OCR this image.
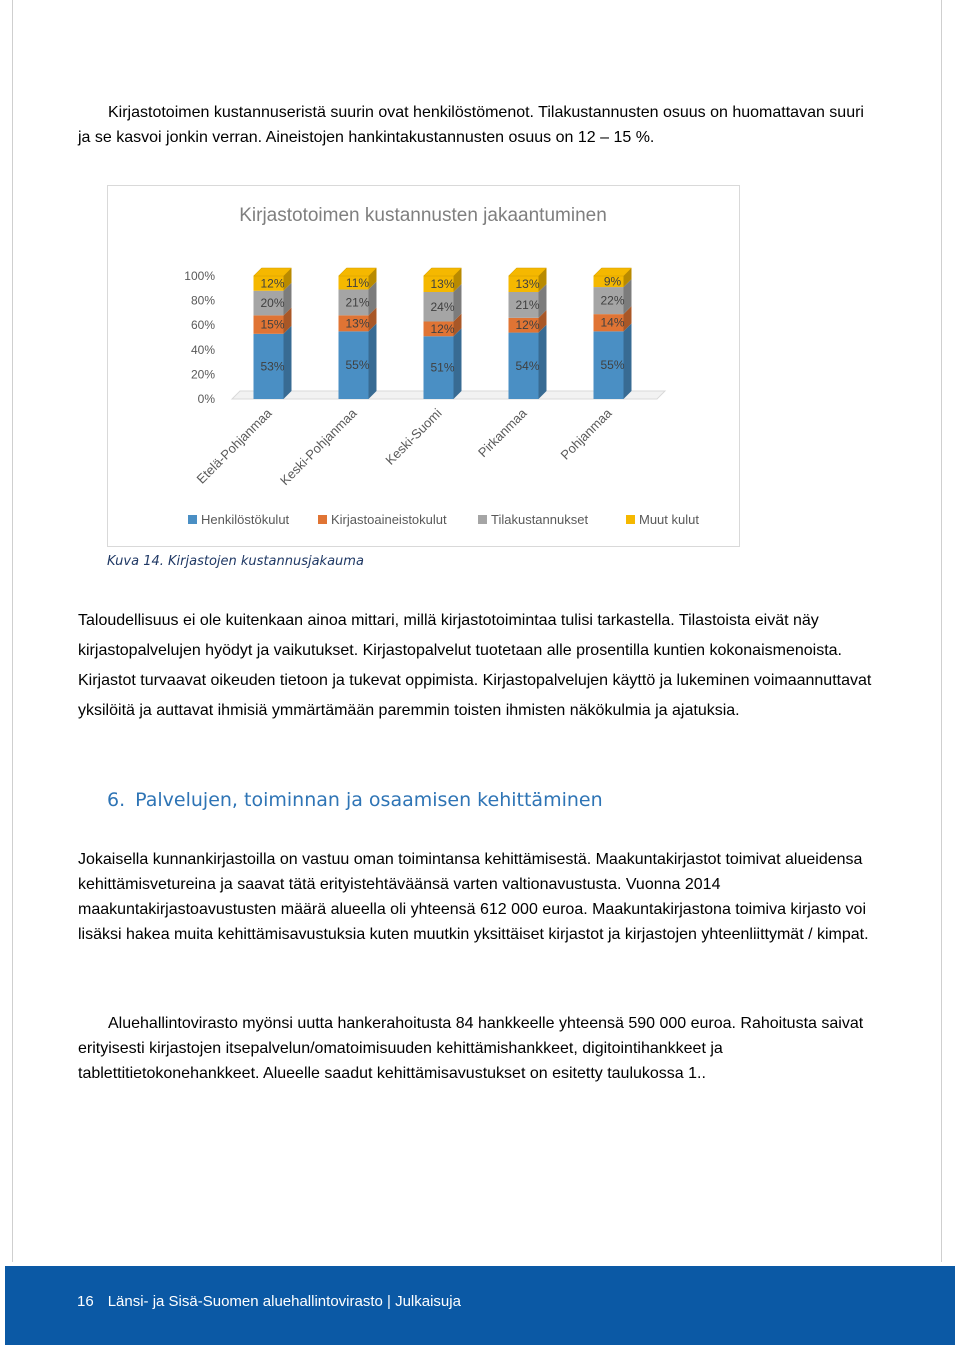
Kirjastotoimen kustannuseristä suurin ovat henkilöstömenot. Tilakustannusten osuus on huomattavan suuri ja se kasvoi jonkin verran. Aineistojen hankintakustannusten osuus on 12 – 15 %.

Kirjastotoimen kustannusten jakaantuminen
0%
20%
40%
60%
80%
100%
53%
15%
20%
12%
Etelä-Pohjanmaa
55%
13%
21%
11%
Keski-Pohjanmaa
51%
12%
24%
13%
Keski-Suomi
54%
12%
21%
13%
Pirkanmaa
55%
14%
22%
9%
Pohjanmaa
Henkilöstökulut	Kirjastoaineistokulut	Tilakustannukset	Muut kulut
Kuva 14. Kirjastojen kustannusjakauma

Taloudellisuus ei ole kuitenkaan ainoa mittari, millä kirjastotoimintaa tulisi tarkastella. Tilastoista eivät näy kirjastopalvelujen hyödyt ja vaikutukset. Kirjastopalvelut tuotetaan alle prosentilla kuntien kokonaismenoista. Kirjastot turvaavat oikeuden tietoon ja tukevat oppimista. Kirjastopalvelujen käyttö ja lukeminen voimaannuttavat yksilöitä ja auttavat ihmisiä ymmärtämään paremmin toisten ihmisten näkökulmia ja ajatuksia.

6. Palvelujen, toiminnan ja osaamisen kehittäminen

Jokaisella kunnankirjastoilla on vastuu oman toimintansa kehittämisestä. Maakuntakirjastot toimivat alueidensa kehittämisvetureina ja saavat tätä erityistehtäväänsä varten valtionavustusta. Vuonna 2014 maakuntakirjastoavustusten määrä alueella oli yhteensä 612 000 euroa. Maakuntakirjastona toimiva kirjasto voi lisäksi hakea muita kehittämisavustuksia kuten muutkin yksittäiset kirjastot ja kirjastojen yhteenliittymät / kimpat.

Aluehallintovirasto myönsi uutta hankerahoitusta 84 hankkeelle yhteensä 590 000 euroa. Rahoitusta saivat erityisesti kirjastojen itsepalvelun/omatoimisuuden kehittämishankkeet, digitointihankkeet ja tablettitietokonehankkeet. Alueelle saadut kehittämisavustukset on esitetty taulukossa 1..

16 Länsi- ja Sisä-Suomen aluehallintovirasto | Julkaisuja
